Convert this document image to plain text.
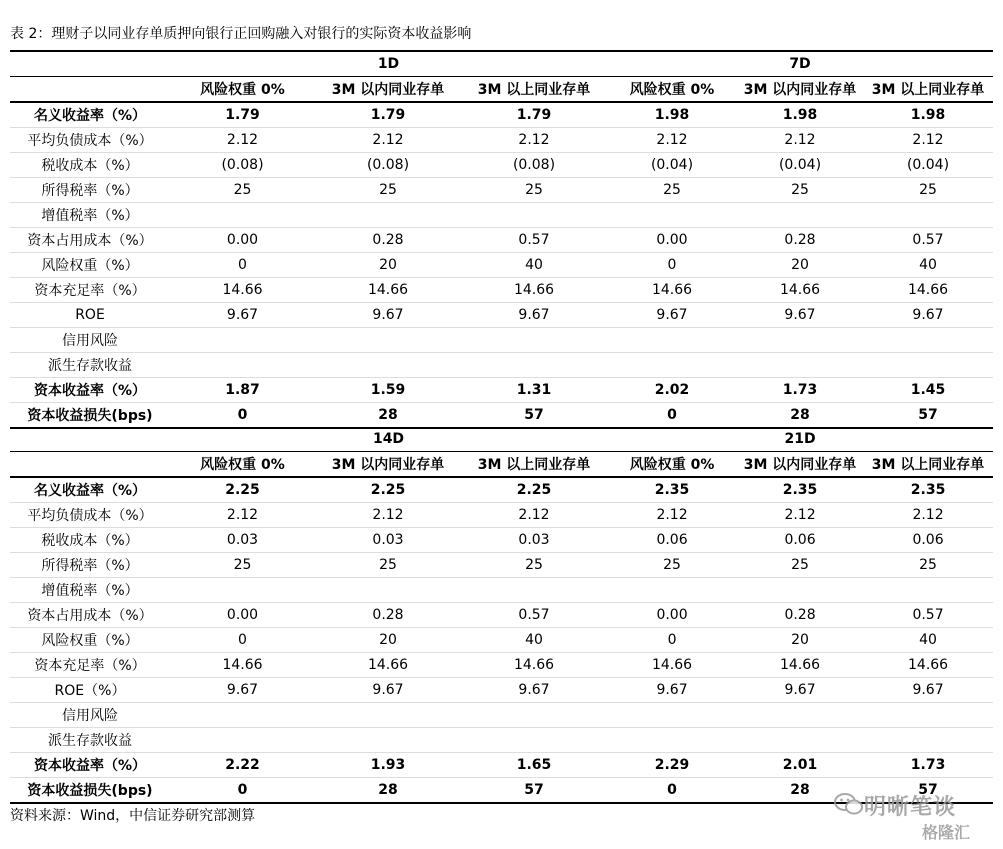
表 2：理财子以同业存单质押向银行正回购融入对银行的实际资本收益影响
	1D			7D		
	风险权重 0%	3M 以内同业存单	3M 以上同业存单	风险权重 0%	3M 以内同业存单	3M 以上同业存单
名义收益率（%）	1.79	1.79	1.79	1.98	1.98	1.98
平均负债成本（%）	2.12	2.12	2.12	2.12	2.12	2.12
税收成本（%）	(0.08)	(0.08)	(0.08)	(0.04)	(0.04)	(0.04)
所得税率（%）	25	25	25	25	25	25
增值税率（%）						
资本占用成本（%）	0.00	0.28	0.57	0.00	0.28	0.57
风险权重（%）	0	20	40	0	20	40
资本充足率（%）	14.66	14.66	14.66	14.66	14.66	14.66
ROE	9.67	9.67	9.67	9.67	9.67	9.67
信用风险						
派生存款收益						
资本收益率（%）	1.87	1.59	1.31	2.02	1.73	1.45
资本收益损失(bps)	0	28	57	0	28	57
	14D			21D		
	风险权重 0%	3M 以内同业存单	3M 以上同业存单	风险权重 0%	3M 以内同业存单	3M 以上同业存单
名义收益率（%）	2.25	2.25	2.25	2.35	2.35	2.35
平均负债成本（%）	2.12	2.12	2.12	2.12	2.12	2.12
税收成本（%）	0.03	0.03	0.03	0.06	0.06	0.06
所得税率（%）	25	25	25	25	25	25
增值税率（%）						
资本占用成本（%）	0.00	0.28	0.57	0.00	0.28	0.57
风险权重（%）	0	20	40	0	20	40
资本充足率（%）	14.66	14.66	14.66	14.66	14.66	14.66
ROE（%）	9.67	9.67	9.67	9.67	9.67	9.67
信用风险						
派生存款收益						
资本收益率（%）	2.22	1.93	1.65	2.29	2.01	1.73
资本收益损失(bps)	0	28	57	0	28	57
资料来源：Wind，中信证券研究部测算	明晰笔谈
格隆汇
